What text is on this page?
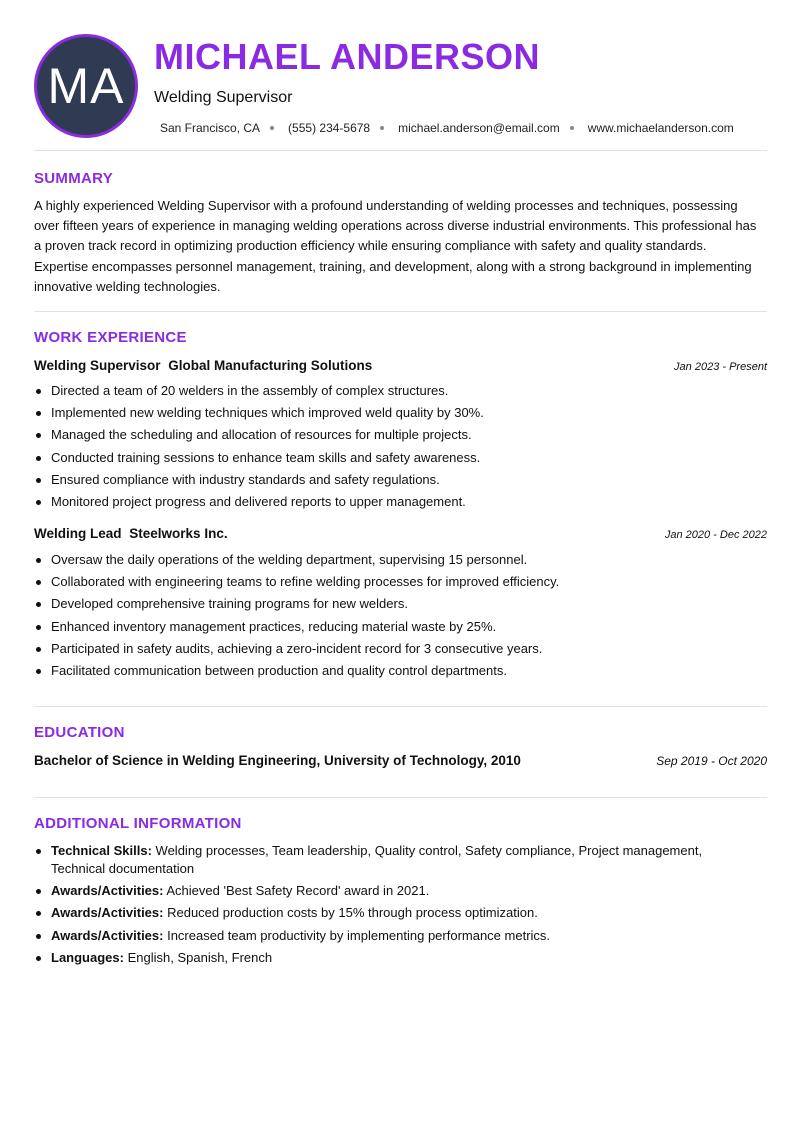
MA
MICHAEL ANDERSON
Welding Supervisor
San Francisco, CA (555) 234-5678 michael.anderson@email.com www.michaelanderson.com
SUMMARY
A highly experienced Welding Supervisor with a profound understanding of welding processes and techniques, possessing over fifteen years of experience in managing welding operations across diverse industrial environments. This professional has a proven track record in optimizing production efficiency while ensuring compliance with safety and quality standards. Expertise encompasses personnel management, training, and development, along with a strong background in implementing innovative welding technologies.
WORK EXPERIENCE
Welding Supervisor Global Manufacturing Solutions	Jan 2023 - Present
Directed a team of 20 welders in the assembly of complex structures.
Implemented new welding techniques which improved weld quality by 30%.
Managed the scheduling and allocation of resources for multiple projects.
Conducted training sessions to enhance team skills and safety awareness.
Ensured compliance with industry standards and safety regulations.
Monitored project progress and delivered reports to upper management.
Welding Lead Steelworks Inc.	Jan 2020 - Dec 2022
Oversaw the daily operations of the welding department, supervising 15 personnel.
Collaborated with engineering teams to refine welding processes for improved efficiency.
Developed comprehensive training programs for new welders.
Enhanced inventory management practices, reducing material waste by 25%.
Participated in safety audits, achieving a zero-incident record for 3 consecutive years.
Facilitated communication between production and quality control departments.
EDUCATION
Bachelor of Science in Welding Engineering, University of Technology, 2010	Sep 2019 - Oct 2020
ADDITIONAL INFORMATION
Technical Skills: Welding processes, Team leadership, Quality control, Safety compliance, Project management, Technical documentation
Awards/Activities: Achieved 'Best Safety Record' award in 2021.
Awards/Activities: Reduced production costs by 15% through process optimization.
Awards/Activities: Increased team productivity by implementing performance metrics.
Languages: English, Spanish, French
